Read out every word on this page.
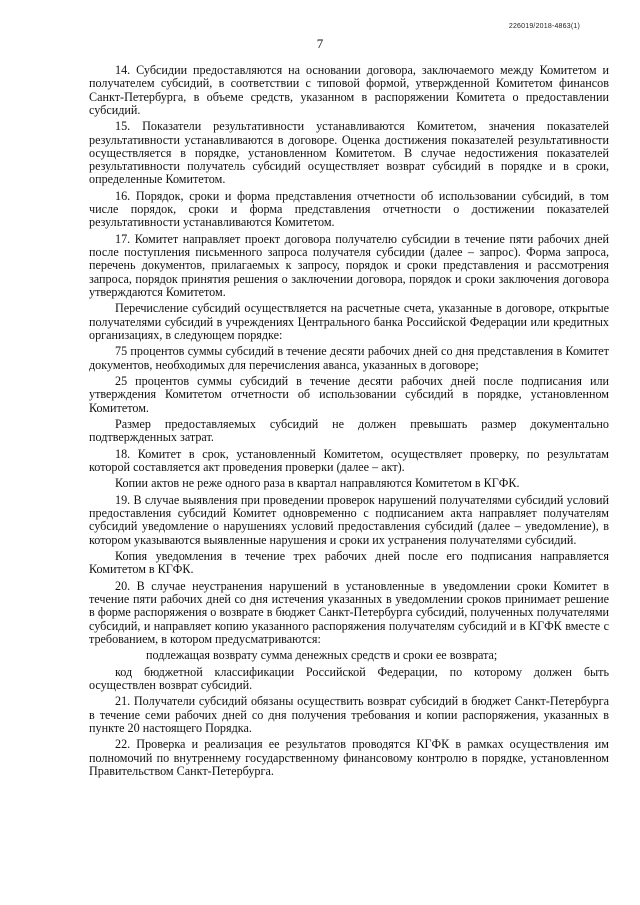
226019/2018-4863(1)
7

14. Субсидии предоставляются на основании договора, заключаемого между Комитетом и получателем субсидий, в соответствии с типовой формой, утвержденной Комитетом финансов Санкт-Петербурга, в объеме средств, указанном в распоряжении Комитета о предоставлении субсидий.

15. Показатели результативности устанавливаются Комитетом, значения показателей результативности устанавливаются в договоре. Оценка достижения показателей результативности осуществляется в порядке, установленном Комитетом. В случае недостижения показателей результативности получатель субсидий осуществляет возврат субсидий в порядке и в сроки, определенные Комитетом.

16. Порядок, сроки и форма представления отчетности об использовании субсидий, в том числе порядок, сроки и форма представления отчетности о достижении показателей результативности устанавливаются Комитетом.

17. Комитет направляет проект договора получателю субсидии в течение пяти рабочих дней после поступления письменного запроса получателя субсидии (далее – запрос). Форма запроса, перечень документов, прилагаемых к запросу, порядок и сроки представления и рассмотрения запроса, порядок принятия решения о заключении договора, порядок и сроки заключения договора утверждаются Комитетом.

Перечисление субсидий осуществляется на расчетные счета, указанные в договоре, открытые получателями субсидий в учреждениях Центрального банка Российской Федерации или кредитных организациях, в следующем порядке:

75 процентов суммы субсидий в течение десяти рабочих дней со дня представления в Комитет документов, необходимых для перечисления аванса, указанных в договоре;

25 процентов суммы субсидий в течение десяти рабочих дней после подписания или утверждения Комитетом отчетности об использовании субсидий в порядке, установленном Комитетом.

Размер предоставляемых субсидий не должен превышать размер документально подтвержденных затрат.

18. Комитет в срок, установленный Комитетом, осуществляет проверку, по результатам которой составляется акт проведения проверки (далее – акт).

Копии актов не реже одного раза в квартал направляются Комитетом в КГФК.

19. В случае выявления при проведении проверок нарушений получателями субсидий условий предоставления субсидий Комитет одновременно с подписанием акта направляет получателям субсидий уведомление о нарушениях условий предоставления субсидий (далее – уведомление), в котором указываются выявленные нарушения и сроки их устранения получателями субсидий.

Копия уведомления в течение трех рабочих дней после его подписания направляется Комитетом в КГФК.

20. В случае неустранения нарушений в установленные в уведомлении сроки Комитет в течение пяти рабочих дней со дня истечения указанных в уведомлении сроков принимает решение в форме распоряжения о возврате в бюджет Санкт-Петербурга субсидий, полученных получателями субсидий, и направляет копию указанного распоряжения получателям субсидий и в КГФК вместе с требованием, в котором предусматриваются:

подлежащая возврату сумма денежных средств и сроки ее возврата;

код бюджетной классификации Российской Федерации, по которому должен быть осуществлен возврат субсидий.

21. Получатели субсидий обязаны осуществить возврат субсидий в бюджет Санкт-Петербурга в течение семи рабочих дней со дня получения требования и копии распоряжения, указанных в пункте 20 настоящего Порядка.

22. Проверка и реализация ее результатов проводятся КГФК в рамках осуществления им полномочий по внутреннему государственному финансовому контролю в порядке, установленном Правительством Санкт-Петербурга.
